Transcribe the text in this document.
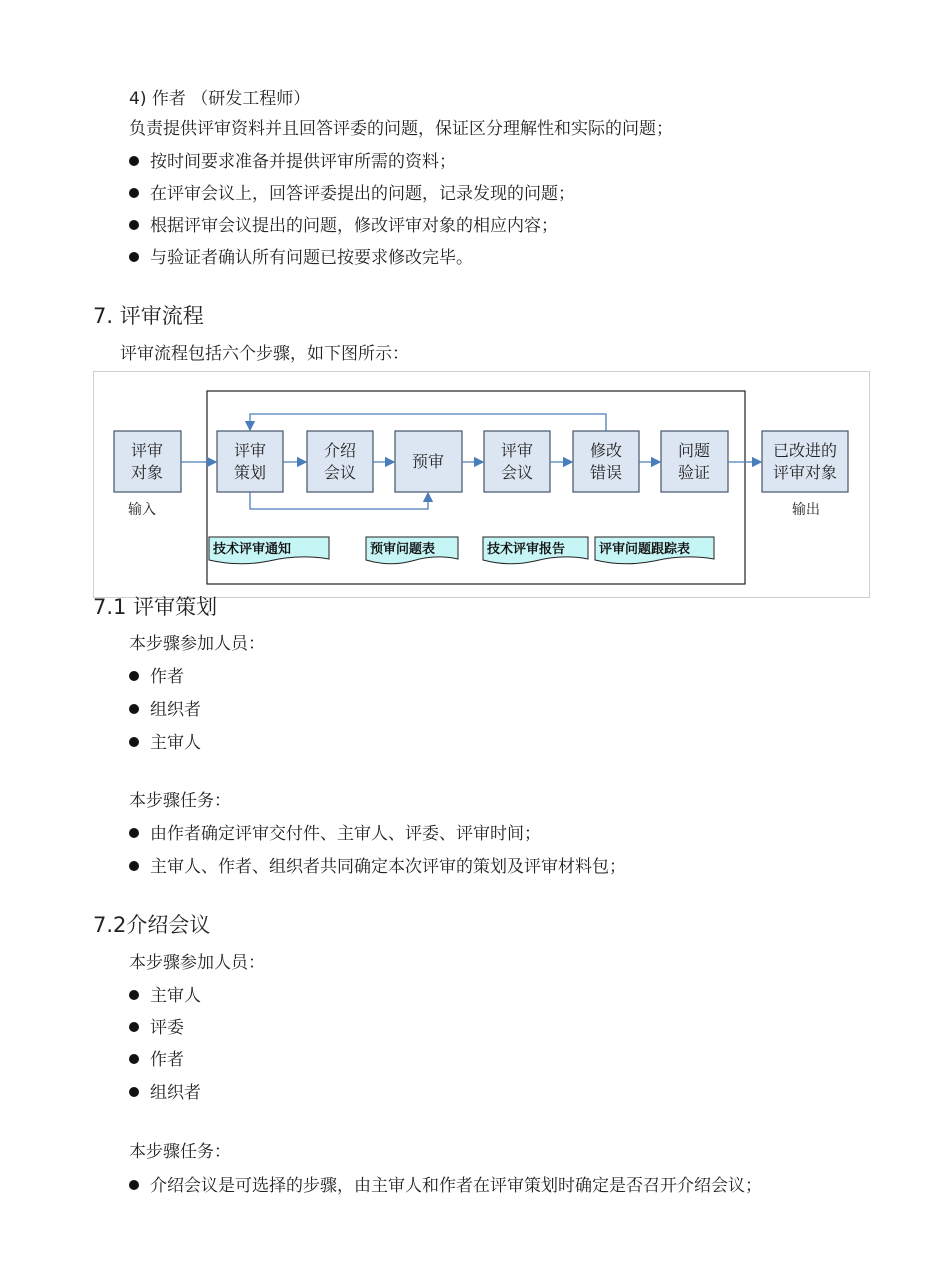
4) 作者 （研发工程师）
负责提供评审资料并且回答评委的问题，保证区分理解性和实际的问题；
按时间要求准备并提供评审所需的资料；
在评审会议上，回答评委提出的问题，记录发现的问题；
根据评审会议提出的问题，修改评审对象的相应内容；
与验证者确认所有问题已按要求修改完毕。
7. 评审流程
评审流程包括六个步骤，如下图所示：
评审
对象
输入
评审
策划
介绍
会议
预审
评审
会议
修改
错误
问题
验证
已改进的
评审对象
输出
技术评审通知	预审问题表	技术评审报告	评审问题跟踪表
7.1 评审策划
本步骤参加人员：
作者
组织者
主审人
本步骤任务：
由作者确定评审交付件、主审人、评委、评审时间；
主审人、作者、组织者共同确定本次评审的策划及评审材料包；
7.2介绍会议
本步骤参加人员：
主审人
评委
作者
组织者
本步骤任务：
介绍会议是可选择的步骤，由主审人和作者在评审策划时确定是否召开介绍会议；
